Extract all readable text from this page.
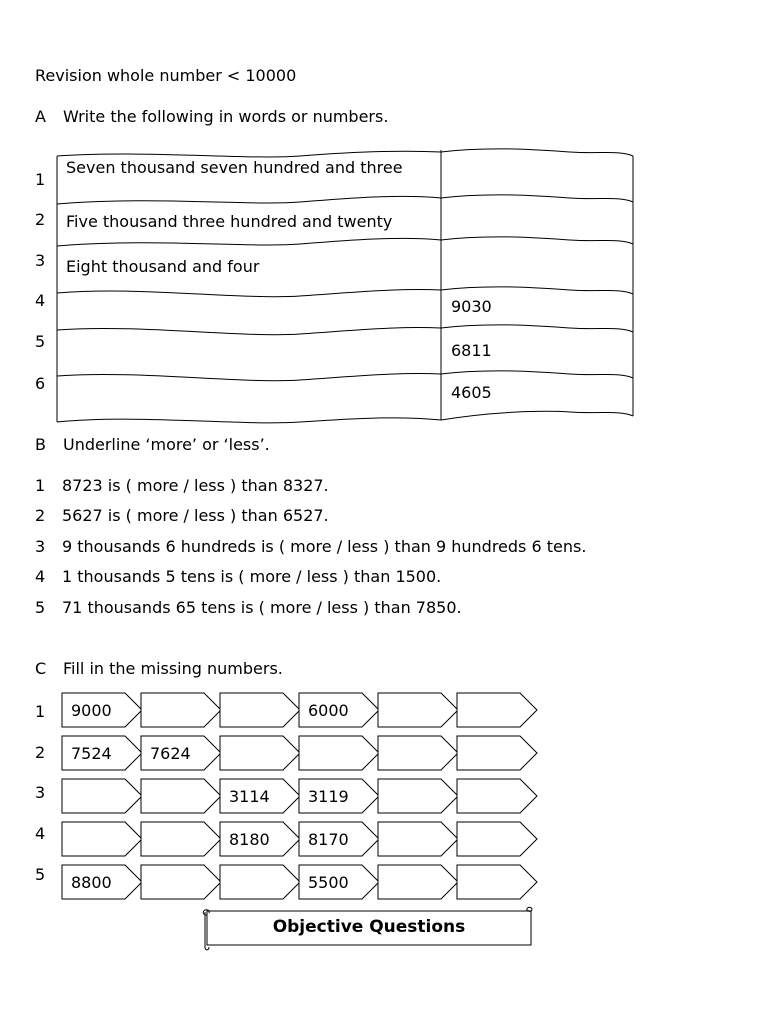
Revision whole number < 10000
A Write the following in words or numbers.
1
2
3
4
5
6
Seven thousand seven hundred and three
Five thousand three hundred and twenty
Eight thousand and four
9030
6811
4605
B Underline ‘more’ or ‘less’.
1 8723 is ( more / less ) than 8327.
2 5627 is ( more / less ) than 6527.
3 9 thousands 6 hundreds is ( more / less ) than 9 hundreds 6 tens.
4 1 thousands 5 tens is ( more / less ) than 1500.
5 71 thousands 65 tens is ( more / less ) than 7850.
C Fill in the missing numbers.
1
2
3
4
5
9000	6000
7524 7624
3114 3119
8180 8170
8800	5500
Objective Questions
